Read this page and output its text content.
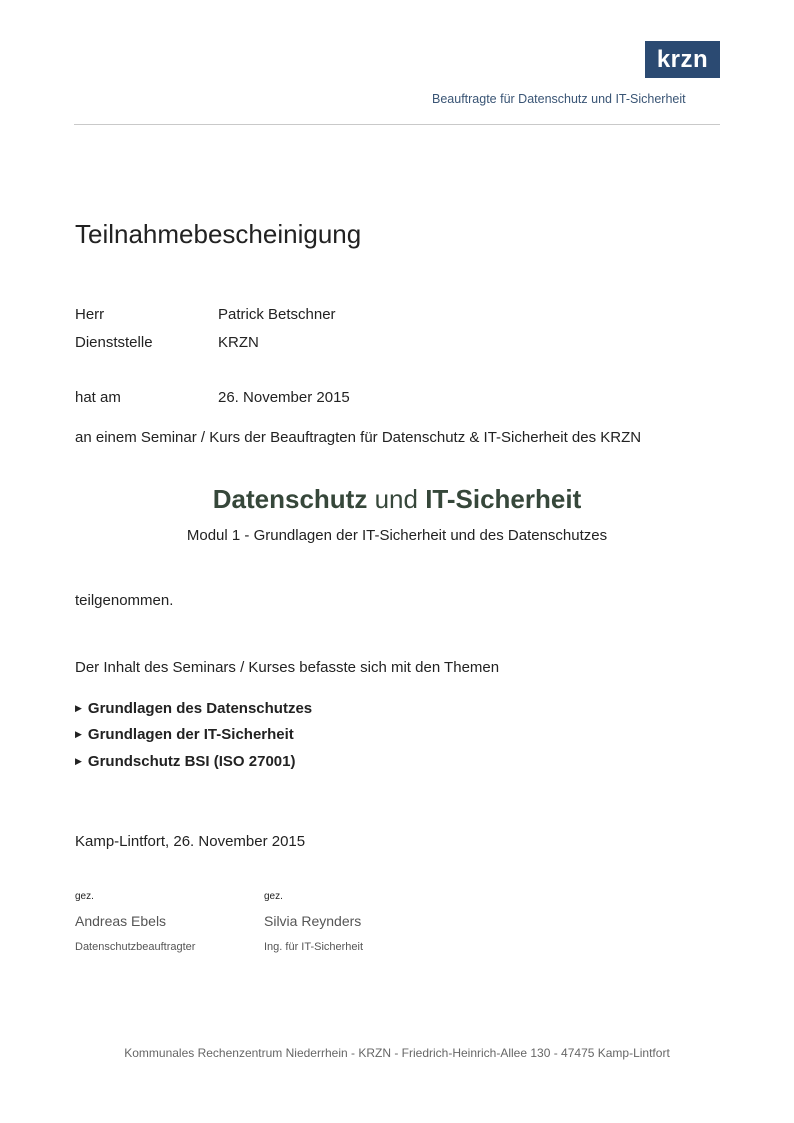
krzn
Beauftragte für Datenschutz und IT-Sicherheit
Teilnahmebescheinigung
Herr	Patrick Betschner
Dienststelle	KRZN
hat am	26. November 2015
an einem Seminar / Kurs der Beauftragten für Datenschutz & IT-Sicherheit des KRZN
Datenschutz und IT-Sicherheit
Modul 1 - Grundlagen der IT-Sicherheit und des Datenschutzes
teilgenommen.
Der Inhalt des Seminars / Kurses befasste sich mit den Themen
▶ Grundlagen des Datenschutzes
▶ Grundlagen der IT-Sicherheit
▶ Grundschutz BSI (ISO 27001)
Kamp-Lintfort, 26. November 2015
gez.
Andreas Ebels
Datenschutzbeauftragter
gez.
Silvia Reynders
Ing. für IT-Sicherheit
Kommunales Rechenzentrum Niederrhein - KRZN - Friedrich-Heinrich-Allee 130 - 47475 Kamp-Lintfort
